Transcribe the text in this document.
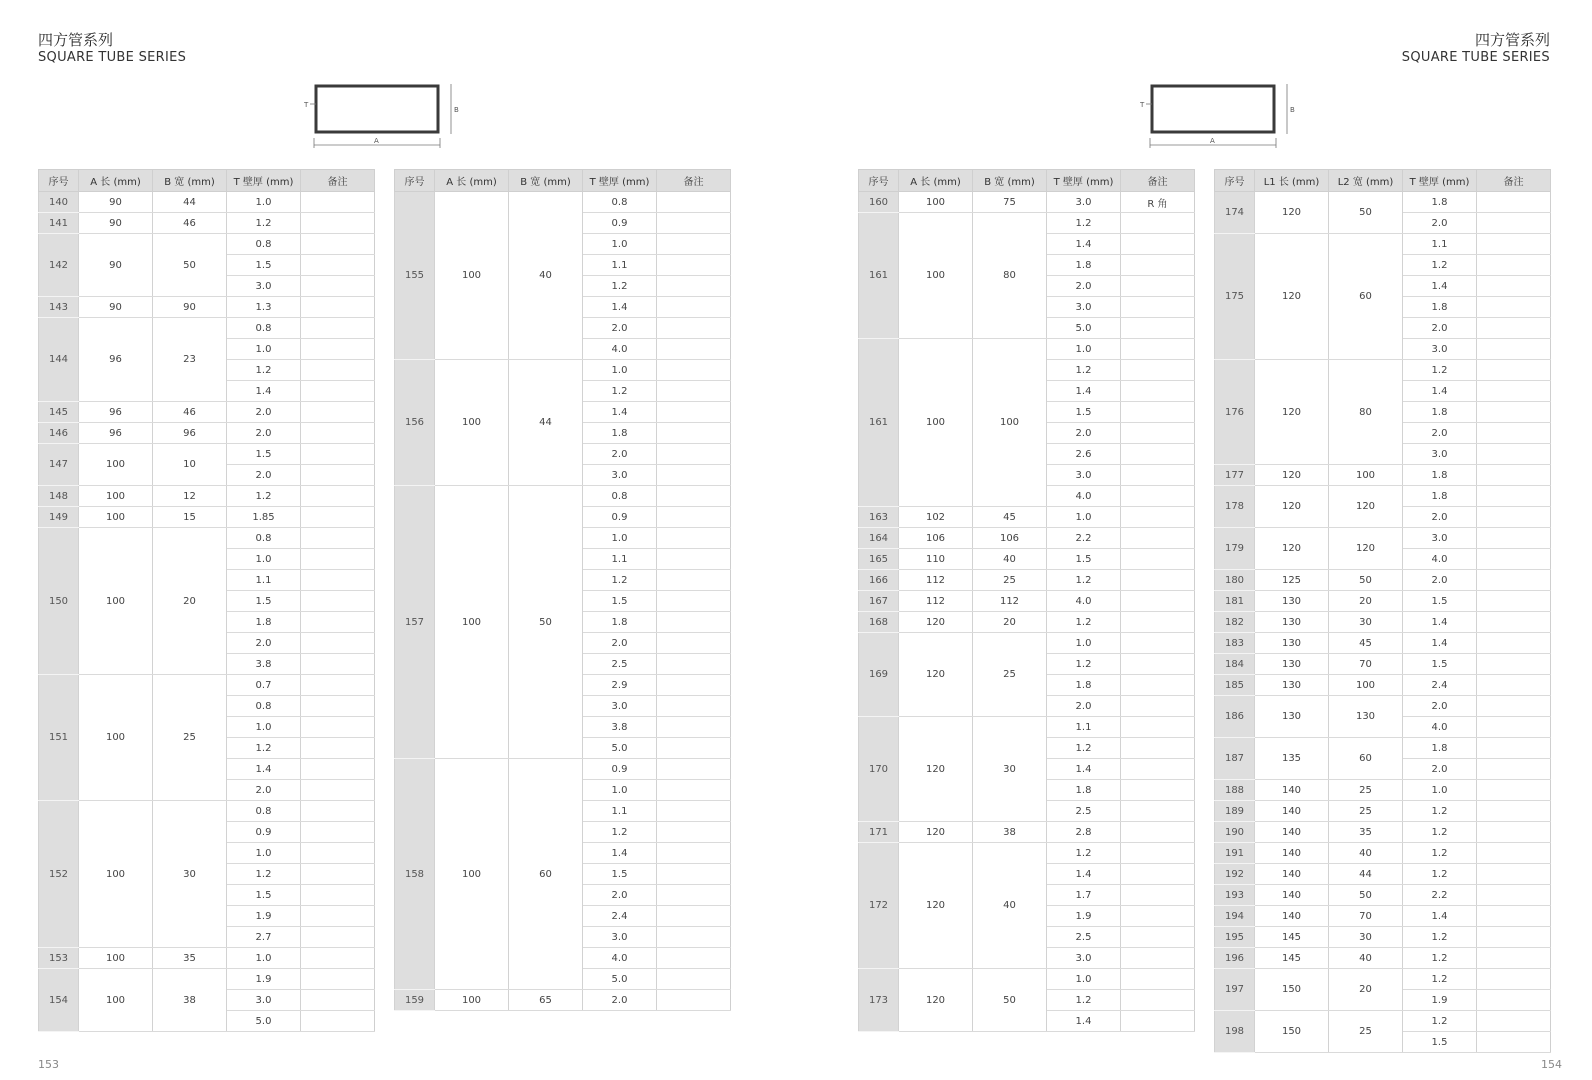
四方管系列
SQUARE TUBE SERIES
四方管系列
SQUARE TUBE SERIES
T
B
A
T
B
A
序号	A 长 (mm)	B 宽 (mm)	T 壁厚 (mm)	备注
140	90	44	1.0	
141	90	46	1.2	
142	90	50	0.8	
			1.5	
			3.0	
143	90	90	1.3	
144	96	23	0.8	
			1.0	
			1.2	
			1.4	
145	96	46	2.0	
146	96	96	2.0	
147	100	10	1.5	
			2.0	
148	100	12	1.2	
149	100	15	1.85	
150	100	20	0.8	
			1.0	
			1.1	
			1.5	
			1.8	
			2.0	
			3.8	
151	100	25	0.7	
			0.8	
			1.0	
			1.2	
			1.4	
			2.0	
152	100	30	0.8	
			0.9	
			1.0	
			1.2	
			1.5	
			1.9	
			2.7	
153	100	35	1.0	
154	100	38	1.9	
			3.0	
			5.0	
序号	A 长 (mm)	B 宽 (mm)	T 壁厚 (mm)	备注
155	100	40	0.8	
			0.9	
			1.0	
			1.1	
			1.2	
			1.4	
			2.0	
			4.0	
156	100	44	1.0	
			1.2	
			1.4	
			1.8	
			2.0	
			3.0	
157	100	50	0.8	
			0.9	
			1.0	
			1.1	
			1.2	
			1.5	
			1.8	
			2.0	
			2.5	
			2.9	
			3.0	
			3.8	
			5.0	
158	100	60	0.9	
			1.0	
			1.1	
			1.2	
			1.4	
			1.5	
			2.0	
			2.4	
			3.0	
			4.0	
			5.0	
159	100	65	2.0	
序号	A 长 (mm)	B 宽 (mm)	T 壁厚 (mm)	备注
160	100	75	3.0	R 角
161	100	80	1.2	
			1.4	
			1.8	
			2.0	
			3.0	
			5.0	
161	100	100	1.0	
			1.2	
			1.4	
			1.5	
			2.0	
			2.6	
			3.0	
			4.0	
163	102	45	1.0	
164	106	106	2.2	
165	110	40	1.5	
166	112	25	1.2	
167	112	112	4.0	
168	120	20	1.2	
169	120	25	1.0	
			1.2	
			1.8	
			2.0	
170	120	30	1.1	
			1.2	
			1.4	
			1.8	
			2.5	
171	120	38	2.8	
172	120	40	1.2	
			1.4	
			1.7	
			1.9	
			2.5	
			3.0	
173	120	50	1.0	
			1.2	
			1.4	
序号	L1 长 (mm)	L2 宽 (mm)	T 壁厚 (mm)	备注
174	120	50	1.8	
			2.0	
175	120	60	1.1	
			1.2	
			1.4	
			1.8	
			2.0	
			3.0	
176	120	80	1.2	
			1.4	
			1.8	
			2.0	
			3.0	
177	120	100	1.8	
178	120	120	1.8	
			2.0	
179	120	120	3.0	
			4.0	
180	125	50	2.0	
181	130	20	1.5	
182	130	30	1.4	
183	130	45	1.4	
184	130	70	1.5	
185	130	100	2.4	
186	130	130	2.0	
			4.0	
187	135	60	1.8	
			2.0	
188	140	25	1.0	
189	140	25	1.2	
190	140	35	1.2	
191	140	40	1.2	
192	140	44	1.2	
193	140	50	2.2	
194	140	70	1.4	
195	145	30	1.2	
196	145	40	1.2	
197	150	20	1.2	
			1.9	
198	150	25	1.2	
			1.5	
153	154
